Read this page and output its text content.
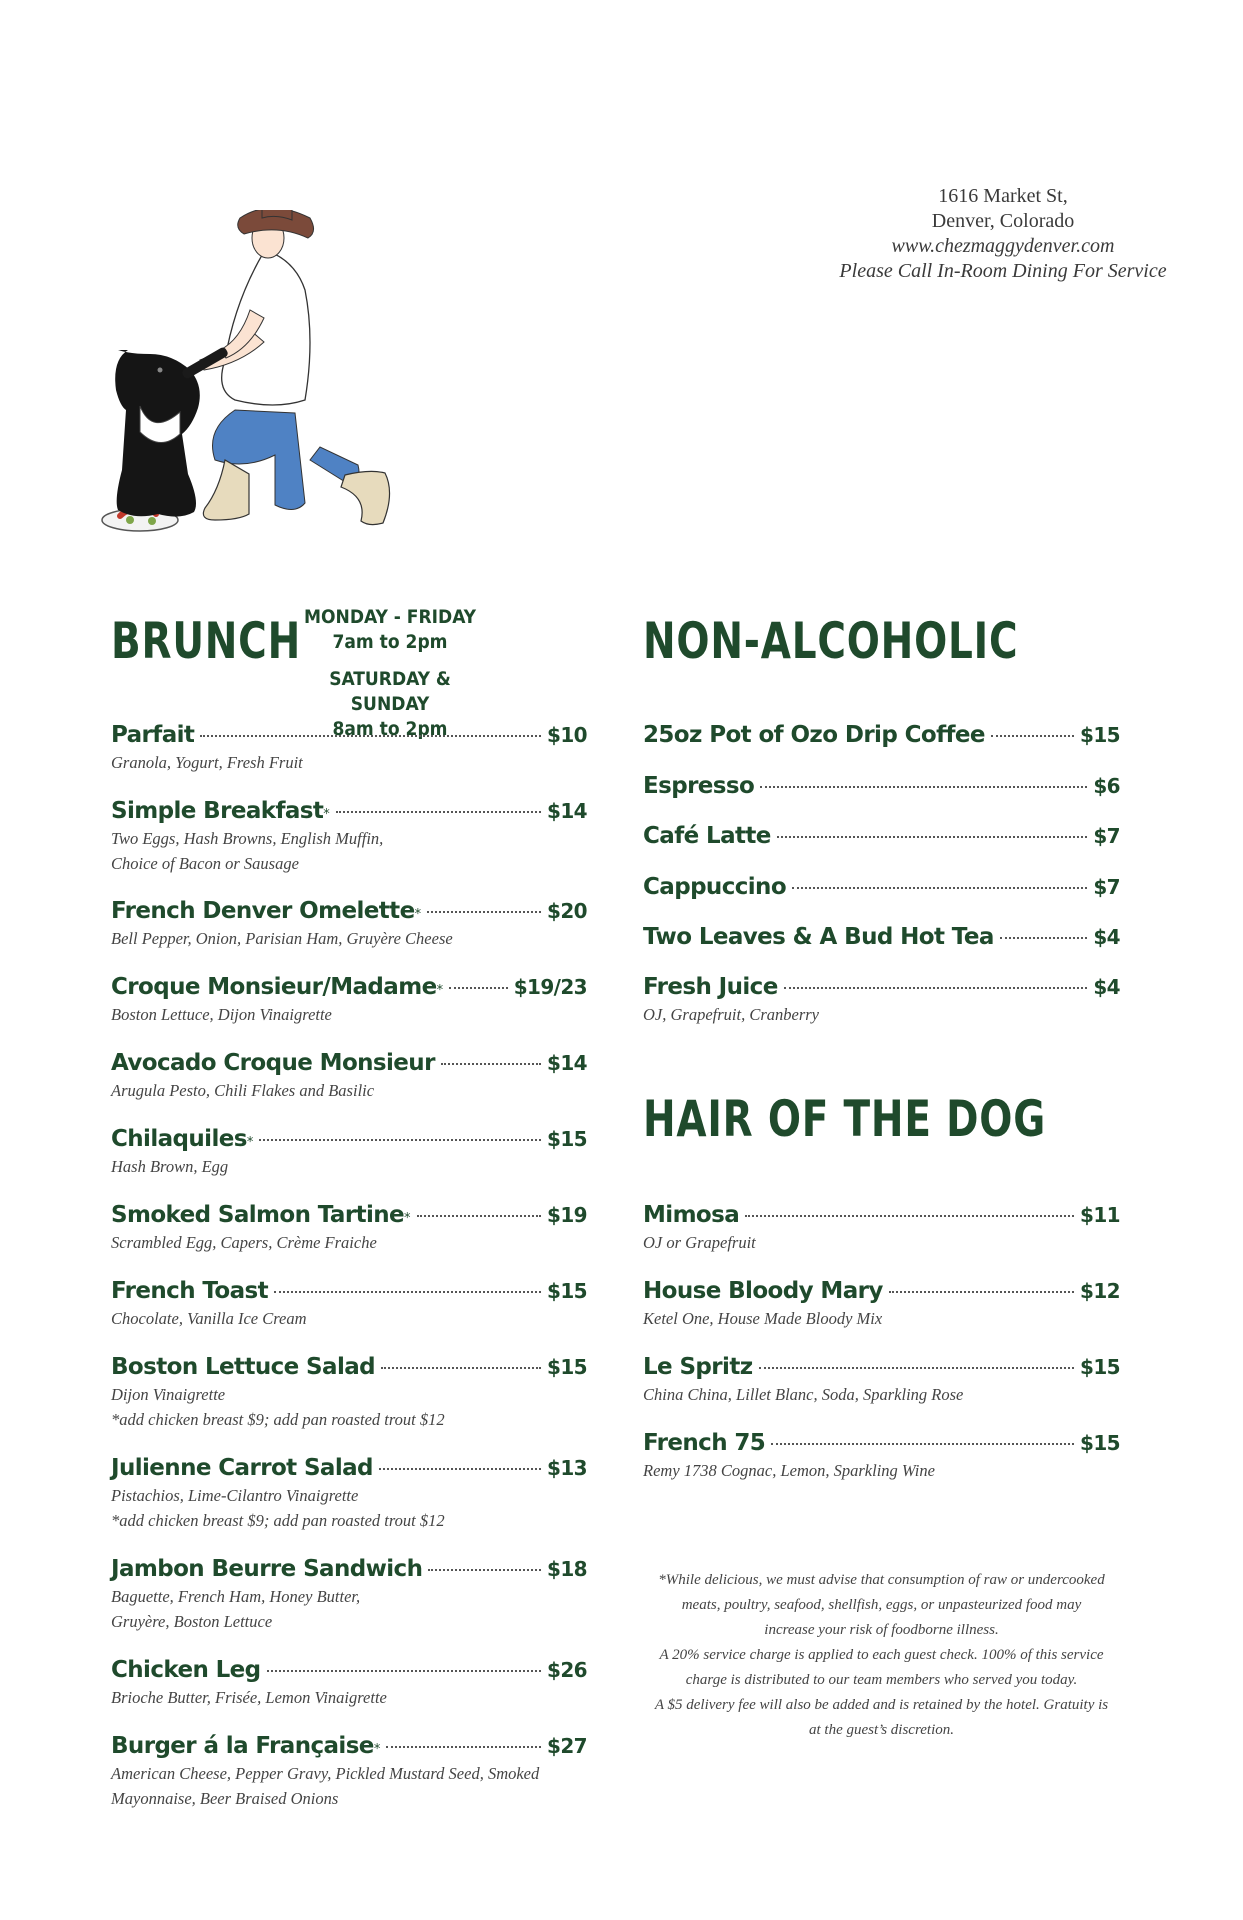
1616 Market St,
Denver, Colorado
www.chezmaggydenver.com
Please Call In-Room Dining For Service
BRUNCH MONDAY - FRIDAY
7am to 2pm
SATURDAY & SUNDAY
8am to 2pm
NON-ALCOHOLIC
HAIR OF THE DOG
Parfait	$10
Granola, Yogurt, Fresh Fruit
Simple Breakfast *	$14
Two Eggs, Hash Browns, English Muffin,
Choice of Bacon or Sausage
French Denver Omelette *	$20
Bell Pepper, Onion, Parisian Ham, Gruyère Cheese
Croque Monsieur/Madame *	$19/23
Boston Lettuce, Dijon Vinaigrette
Avocado Croque Monsieur	$14
Arugula Pesto, Chili Flakes and Basilic
Chilaquiles *	$15
Hash Brown, Egg
Smoked Salmon Tartine *	$19
Scrambled Egg, Capers, Crème Fraiche
French Toast	$15
Chocolate, Vanilla Ice Cream
Boston Lettuce Salad	$15
Dijon Vinaigrette
*add chicken breast $9; add pan roasted trout $12
Julienne Carrot Salad	$13
Pistachios, Lime-Cilantro Vinaigrette
*add chicken breast $9; add pan roasted trout $12
Jambon Beurre Sandwich	$18
Baguette, French Ham, Honey Butter,
Gruyère, Boston Lettuce
Chicken Leg	$26
Brioche Butter, Frisée, Lemon Vinaigrette
Burger á la Française *	$27
American Cheese, Pepper Gravy, Pickled Mustard Seed, Smoked
Mayonnaise, Beer Braised Onions
25oz Pot of Ozo Drip Coffee	$15
Espresso	$6
Café Latte	$7
Cappuccino	$7
Two Leaves & A Bud Hot Tea	$4
Fresh Juice	$4
OJ, Grapefruit, Cranberry
Mimosa	$11
OJ or Grapefruit
House Bloody Mary	$12
Ketel One, House Made Bloody Mix
Le Spritz	$15
China China, Lillet Blanc, Soda, Sparkling Rose
French 75	$15
Remy 1738 Cognac, Lemon, Sparkling Wine
*While delicious, we must advise that consumption of raw or undercooked
meats, poultry, seafood, shellfish, eggs, or unpasteurized food may
increase your risk of foodborne illness.
A 20% service charge is applied to each guest check. 100% of this service
charge is distributed to our team members who served you today.
A $5 delivery fee will also be added and is retained by the hotel. Gratuity is
at the guest’s discretion.
